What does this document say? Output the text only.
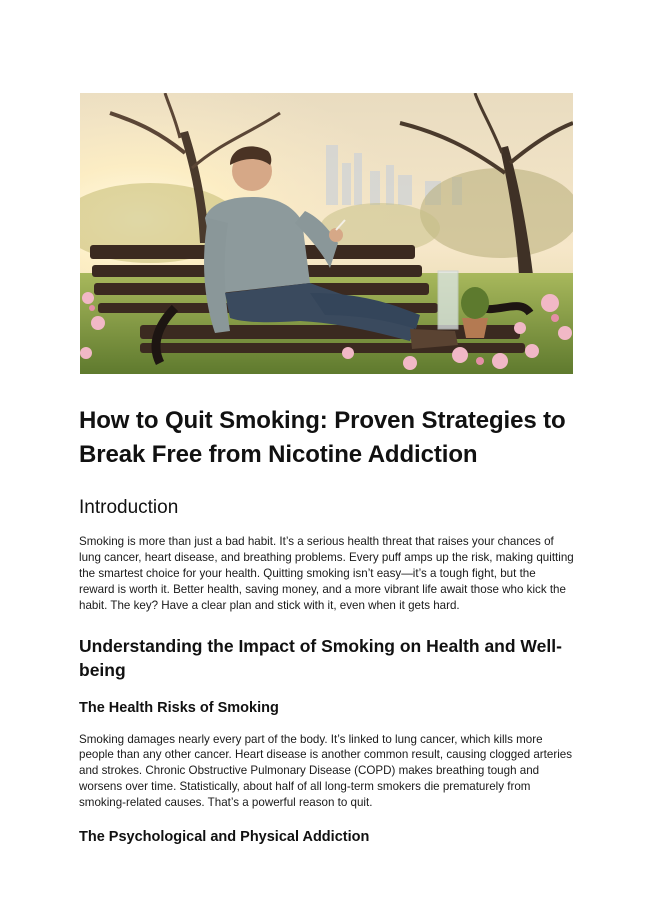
How to Quit Smoking: Proven Strategies to Break Free from Nicotine Addiction
Introduction

Smoking is more than just a bad habit. It’s a serious health threat that raises your chances of lung cancer, heart disease, and breathing problems. Every puff amps up the risk, making quitting the smartest choice for your health. Quitting smoking isn’t easy—it’s a tough fight, but the reward is worth it. Better health, saving money, and a more vibrant life await those who kick the habit. The key? Have a clear plan and stick with it, even when it gets hard.

Understanding the Impact of Smoking on Health and Well-being
The Health Risks of Smoking

Smoking damages nearly every part of the body. It’s linked to lung cancer, which kills more people than any other cancer. Heart disease is another common result, causing clogged arteries and strokes. Chronic Obstructive Pulmonary Disease (COPD) makes breathing tough and worsens over time. Statistically, about half of all long-term smokers die prematurely from smoking-related causes. That’s a powerful reason to quit.

The Psychological and Physical Addiction
